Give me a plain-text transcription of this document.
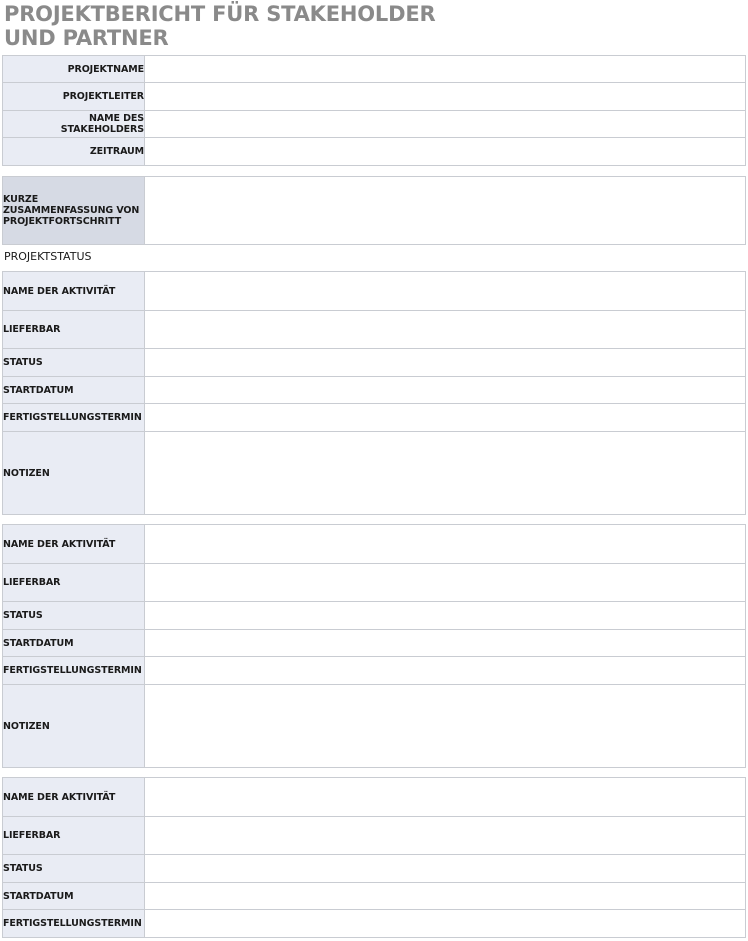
PROJEKTBERICHT FÜR STAKEHOLDER
UND PARTNER
PROJEKTNAME	
PROJEKTLEITER	
NAME DES STAKEHOLDERS	
ZEITRAUM	
KURZE
ZUSAMMENFASSUNG VON
PROJEKTFORTSCHRITT

PROJEKTSTATUS
NAME DER AKTIVITÄT	
LIEFERBAR	
STATUS	
STARTDATUM	
FERTIGSTELLUNGSTERMIN	
NOTIZEN	
NAME DER AKTIVITÄT	
LIEFERBAR	
STATUS	
STARTDATUM	
FERTIGSTELLUNGSTERMIN	
NOTIZEN	
NAME DER AKTIVITÄT	
LIEFERBAR	
STATUS	
STARTDATUM	
FERTIGSTELLUNGSTERMIN	
